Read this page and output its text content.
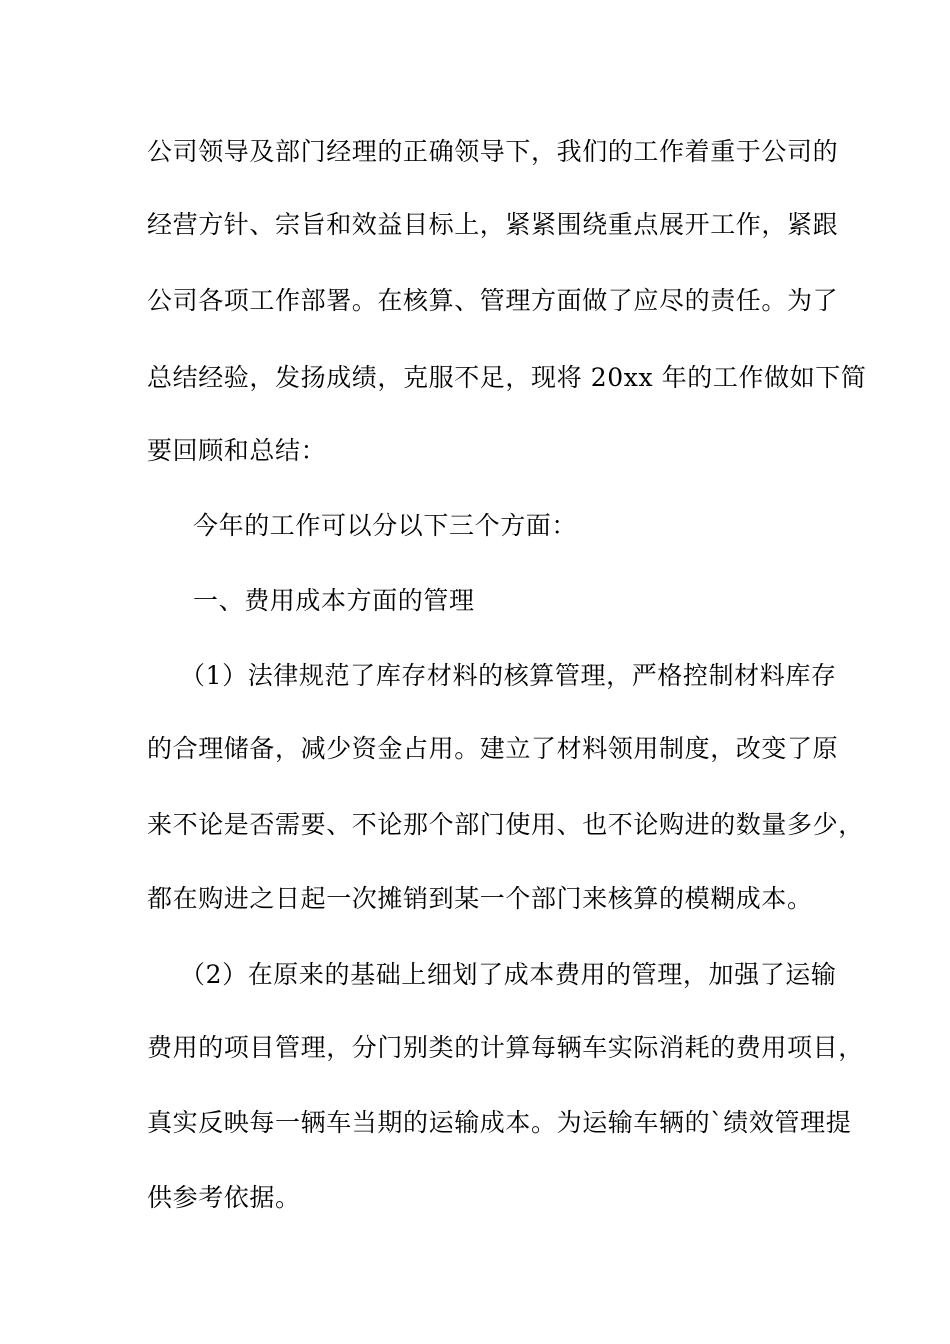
公司领导及部门经理的正确领导下，我们的工作着重于公司的
经营方针、宗旨和效益目标上，紧紧围绕重点展开工作，紧跟
公司各项工作部署。在核算、管理方面做了应尽的责任。为了
总结经验，发扬成绩，克服不足，现将 20xx 年的工作做如下简
要回顾和总结：
今年的工作可以分以下三个方面：
一、费用成本方面的管理
（1）法律规范了库存材料的核算管理，严格控制材料库存
的合理储备，减少资金占用。建立了材料领用制度，改变了原
来不论是否需要、不论那个部门使用、也不论购进的数量多少，
都在购进之日起一次摊销到某一个部门来核算的模糊成本。
（2）在原来的基础上细划了成本费用的管理，加强了运输
费用的项目管理，分门别类的计算每辆车实际消耗的费用项目，
真实反映每一辆车当期的运输成本。为运输车辆的`绩效管理提
供参考依据。
